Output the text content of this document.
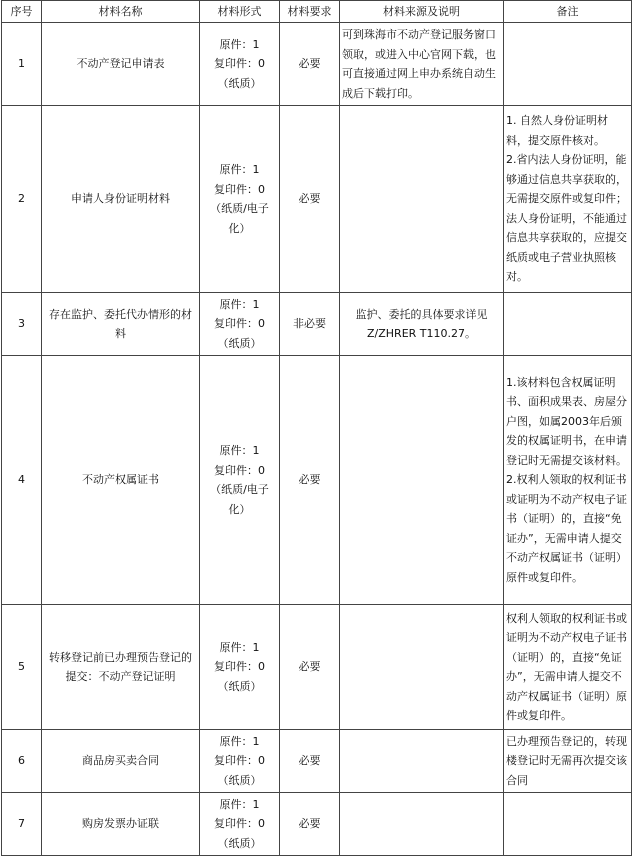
序号	材料名称	材料形式	材料要求	材料来源及说明	备注
1	不动产登记申请表	原件：1
复印件：0
（纸质）	必要	可到珠海市不动产登记服务窗口领取，或进入中心官网下载，也可直接通过网上申办系统自动生成后下载打印。	
2	申请人身份证明材料	原件：1
复印件：0
（纸质/电子化）	必要		1. 自然人身份证明材料，提交原件核对。
2.省内法人身份证明，能够通过信息共享获取的，无需提交原件或复印件；法人身份证明，不能通过信息共享获取的，应提交纸质或电子营业执照核对。

3	存在监护、委托代办情形的材料	原件：1
复印件：0
（纸质）	非必要	监护、委托的具体要求详见Z/ZHRER T110.27。	
4	不动产权属证书	原件：1
复印件：0
（纸质/电子化）	必要		1.该材料包含权属证明书、面积成果表、房屋分户图，如属2003年后颁发的权属证明书，在申请登记时无需提交该材料。
2.权利人领取的权利证书或证明为不动产权电子证书（证明）的，直接“免证办”，无需申请人提交不动产权属证书（证明）原件或复印件。

5	转移登记前已办理预告登记的提交：不动产登记证明	原件：1
复印件：0
（纸质）	必要		权利人领取的权利证书或证明为不动产权电子证书（证明）的，直接“免证办”，无需申请人提交不动产权属证书（证明）原件或复印件。

6	商品房买卖合同	原件：1
复印件：0
（纸质）	必要		已办理预告登记的，转现楼登记时无需再次提交该合同

7	购房发票办证联	原件：1
复印件：0
（纸质）	必要		
